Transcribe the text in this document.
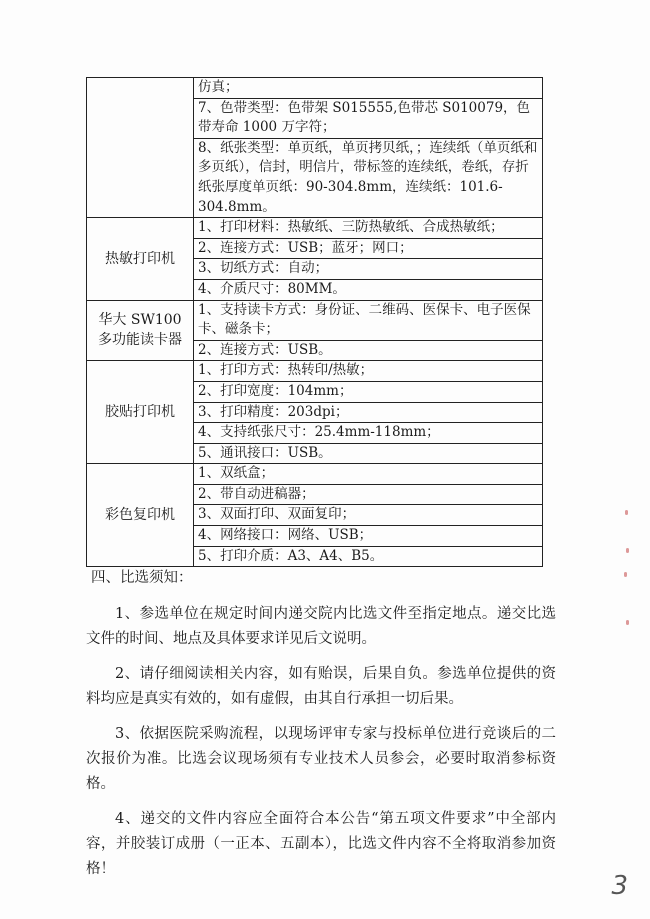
	仿真；

	7、色带类型：色带架 S015555,色带芯 S010079，色带寿命 1000 万字符；

	8、纸张类型：单页纸，单页拷贝纸，；连续纸（单页纸和多页纸），信封，明信片，带标签的连续纸，卷纸，存折纸张厚度单页纸：90-304.8mm，连续纸：101.6-304.8mm。

热敏打印机	1、打印材料：热敏纸、三防热敏纸、合成热敏纸；

	2、连接方式：USB；蓝牙；网口；

	3、切纸方式：自动；

	4、介质尺寸：80MM。

华大 SW100 多功能读卡器	1、支持读卡方式：身份证、二维码、医保卡、电子医保卡、磁条卡；

	2、连接方式：USB。

胶贴打印机	1、打印方式：热转印/热敏；

	2、打印宽度：104mm；

	3、打印精度：203dpi；

	4、支持纸张尺寸：25.4mm-118mm；

	5、通讯接口：USB。

彩色复印机	1、双纸盒；

	2、带自动进稿器；

	3、双面打印、双面复印；

	4、网络接口：网络、USB；

	5、打印介质：A3、A4、B5。
四、比选须知：

1、参选单位在规定时间内递交院内比选文件至指定地点。递交比选文件的时间、地点及具体要求详见后文说明。

2、请仔细阅读相关内容，如有贻误，后果自负。参选单位提供的资料均应是真实有效的，如有虚假，由其自行承担一切后果。

3、依据医院采购流程，以现场评审专家与投标单位进行竞谈后的二次报价为准。比选会议现场须有专业技术人员参会，必要时取消参标资格。

4、递交的文件内容应全面符合本公告“第五项文件要求”中全部内容，并胶装订成册（一正本、五副本），比选文件内容不全将取消参加资格！

3
